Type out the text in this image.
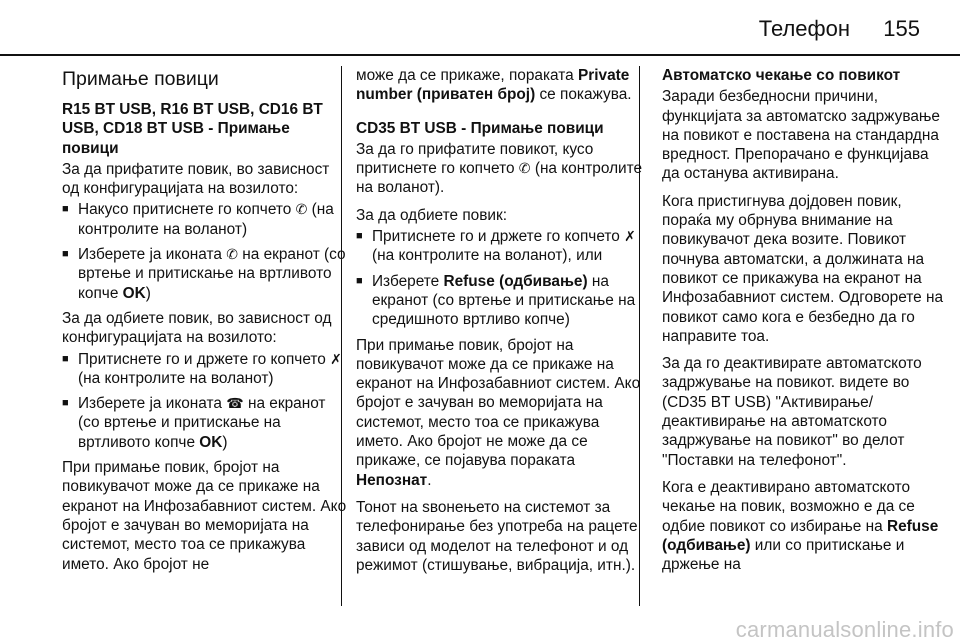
Телефон 155
Примање повици

R15 BT USB, R16 BT USB, CD16 BT USB, CD18 BT USB - Примање повици

За да прифатите повик, во зависност од конфигурацијата на возилото:

■ Накусо притиснете го копчето ✆ (на контролите на воланот)
■ Изберете ја иконата ✆ на екранот (со вртење и притискање на вртливото копче OK)

За да одбиете повик, во зависност од конфигурацијата на возилото:

■ Притиснете го и држете го копчето ✗ (на контролите на воланот)
■ Изберете ја иконата ☎ на екранот (со вртење и притискање на вртливото копче OK)

При примање повик, бројот на повикувачот може да се прикаже на екранот на Инфозабавниот систем. Ако бројот е зачуван во меморијата на системот, место тоа се прикажува името. Ако бројот не

може да се прикаже, пораката Private number (приватен број) се покажува.

CD35 BT USB - Примање повици

За да го прифатите повикот, кусо притиснете го копчето ✆ (на контролите на воланот).

За да одбиете повик:

■ Притиснете го и држете го копчето ✗ (на контролите на воланот), или
■ Изберете Refuse (одбивање) на екранот (со вртење и притискање на средишното вртливо копче)

При примање повик, бројот на повикувачот може да се прикаже на екранот на Инфозабавниот систем. Ако бројот е зачуван во меморијата на системот, место тоа се прикажува името. Ако бројот не може да се прикаже, се појавува пораката Непознат.

Тонот на ѕвонењето на системот за телефонирање без употреба на рацете зависи од моделот на телефонот и од режимот (стишување, вибрација, итн.).

Автоматско чекање со повикот

Заради безбедносни причини, функцијата за автоматско задржување на повикот е поставена на стандардна вредност. Препорачано е функцијава да останува активирана.

Кога пристигнува дојдовен повик, пораќа му обрнува внимание на повикувачот дека возите. Повикот почнува автоматски, а должината на повикот се прикажува на екранот на Инфозабавниот систем. Одговорете на повикот само кога е безбедно да го направите тоа.

За да го деактивирате автоматското задржување на повикот. видете во (CD35 BT USB) "Активирање/деактивирање на автоматското задржување на повикот" во делот "Поставки на телефонот".

Кога е деактивирано автоматското чекање на повик, возможно е да се одбие повикот со избирање на Refuse (одбивање) или со притискање и држење на

carmanualsonline.info
